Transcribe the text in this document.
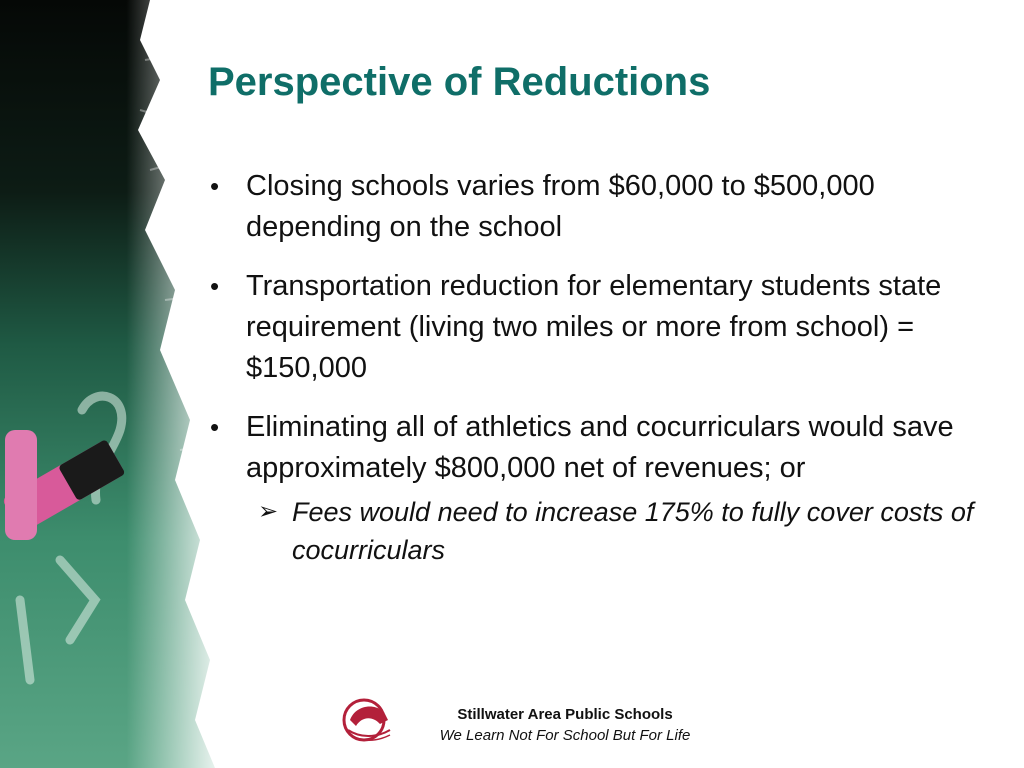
Perspective of Reductions
• Closing schools varies from $60,000 to $500,000 depending on the school
• Transportation reduction for elementary students state requirement (living two miles or more from school) = $150,000
• Eliminating all of athletics and cocurriculars would save approximately $800,000 net of revenues; or
➢ Fees would need to increase 175% to fully cover costs of cocurriculars
Stillwater Area Public Schools
We Learn Not For School But For Life
